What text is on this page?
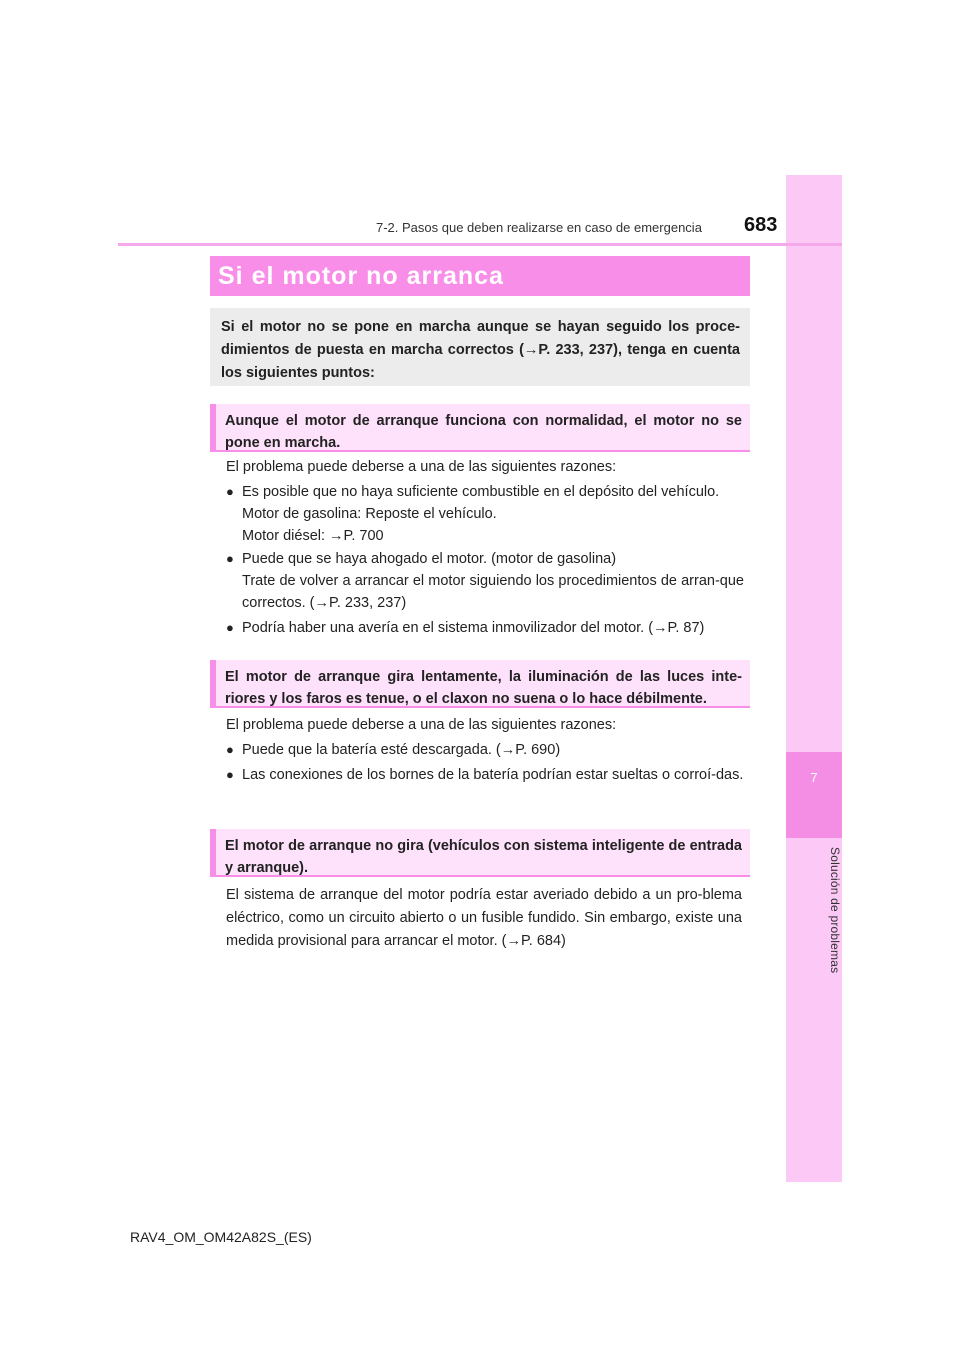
7
Solución de problemas
7-2. Pasos que deben realizarse en caso de emergencia 683
Si el motor no arranca
Si el motor no se pone en marcha aunque se hayan seguido los proce-dimientos de puesta en marcha correctos (→P. 233, 237), tenga en cuenta los siguientes puntos:
Aunque el motor de arranque funciona con normalidad, el motor no se pone en marcha.
El problema puede deberse a una de las siguientes razones:
● Es posible que no haya suficiente combustible en el depósito del vehículo.
Motor de gasolina: Reposte el vehículo.
Motor diésel: →P. 700
● Puede que se haya ahogado el motor. (motor de gasolina)
Trate de volver a arrancar el motor siguiendo los procedimientos de arran-que correctos. (→P. 233, 237)
● Podría haber una avería en el sistema inmovilizador del motor. (→P. 87)
El motor de arranque gira lentamente, la iluminación de las luces inte-riores y los faros es tenue, o el claxon no suena o lo hace débilmente.
El problema puede deberse a una de las siguientes razones:
● Puede que la batería esté descargada. (→P. 690)
● Las conexiones de los bornes de la batería podrían estar sueltas o corroí-das.
El motor de arranque no gira (vehículos con sistema inteligente de entrada y arranque).
El sistema de arranque del motor podría estar averiado debido a un pro-blema eléctrico, como un circuito abierto o un fusible fundido. Sin embargo, existe una medida provisional para arrancar el motor. (→P. 684)
RAV4_OM_OM42A82S_(ES)
